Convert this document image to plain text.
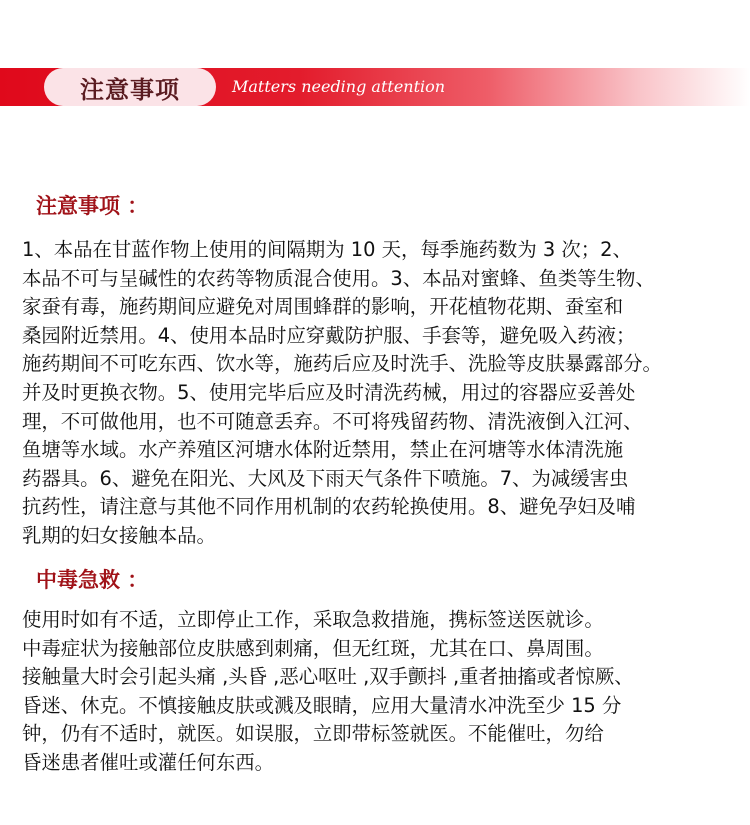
注意事项	Matters needing attention
注意事项 ：
1、本品在甘蓝作物上使用的间隔期为 10 天，每季施药数为 3 次；2、
本品不可与呈碱性的农药等物质混合使用。3、本品对蜜蜂、鱼类等生物、
家蚕有毒，施药期间应避免对周围蜂群的影响，开花植物花期、蚕室和
桑园附近禁用。4、使用本品时应穿戴防护服、手套等，避免吸入药液；
施药期间不可吃东西、饮水等，施药后应及时洗手、洗脸等皮肤暴露部分。
并及时更换衣物。5、使用完毕后应及时清洗药械，用过的容器应妥善处
理，不可做他用，也不可随意丢弃。不可将残留药物、清洗液倒入江河、
鱼塘等水域。水产养殖区河塘水体附近禁用，禁止在河塘等水体清洗施
药器具。6、避免在阳光、大风及下雨天气条件下喷施。7、为减缓害虫
抗药性，请注意与其他不同作用机制的农药轮换使用。8、避免孕妇及哺
乳期的妇女接触本品。
中毒急救 ：
使用时如有不适，立即停止工作，采取急救措施，携标签送医就诊。
中毒症状为接触部位皮肤感到刺痛，但无红斑，尤其在口、鼻周围。
接触量大时会引起头痛 ,头昏 ,恶心呕吐 ,双手颤抖 ,重者抽搐或者惊厥、
昏迷、休克。不慎接触皮肤或溅及眼睛，应用大量清水冲洗至少 15 分
钟，仍有不适时，就医。如误服，立即带标签就医。不能催吐，勿给
昏迷患者催吐或灌任何东西。
